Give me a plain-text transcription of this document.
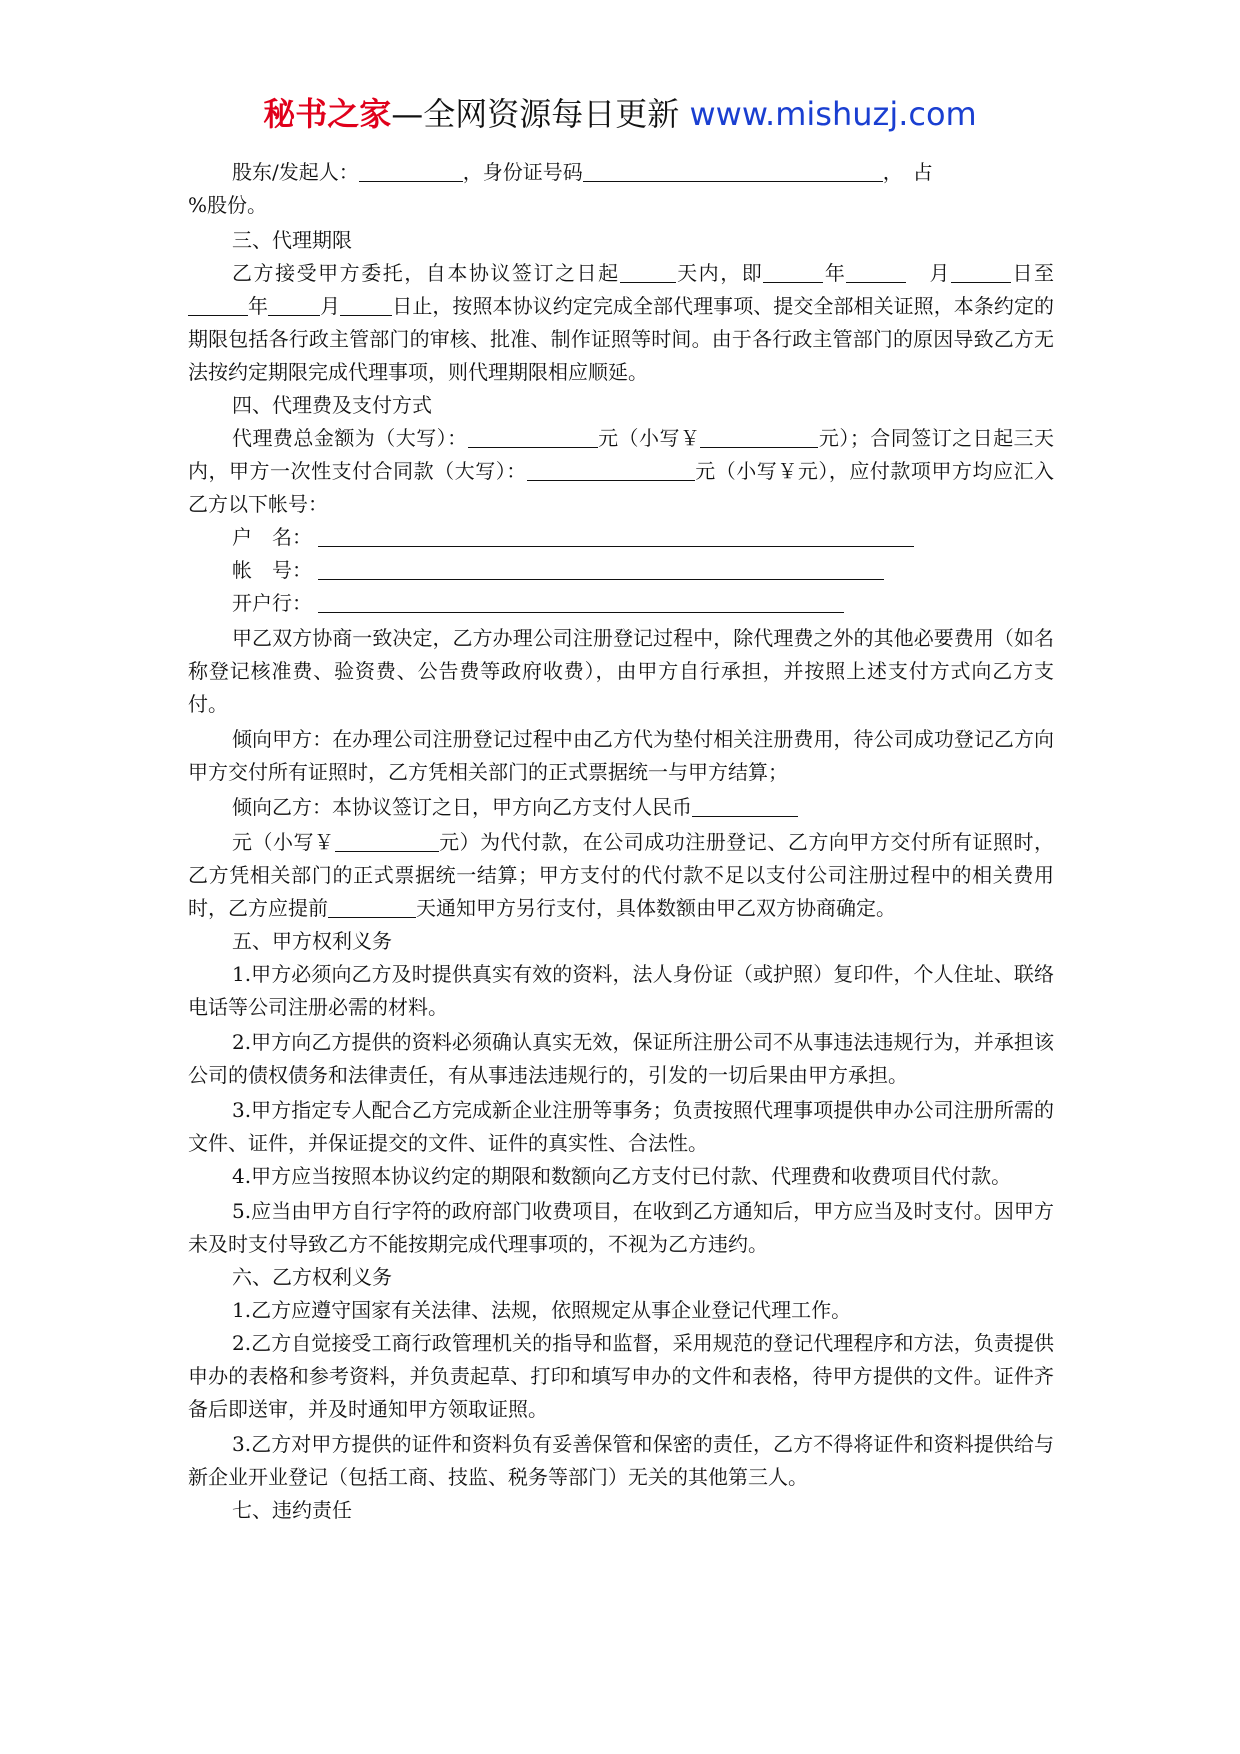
秘书之家—全网资源每日更新 www.mishuzj.com

股东/发起人：	，身份证号码	，　占
%股份。

三、代理期限

乙方接受甲方委托，自本协议签订之日起	天内，即	年　	月	日至年	月	日止，按照本协议约定完成全部代理事项、提交全部相关证照，本条约定的期限包括各行政主管部门的审核、批准、制作证照等时间。由于各行政主管部门的原因导致乙方无法按约定期限完成代理事项，则代理期限相应顺延。

四、代理费及支付方式

代理费总金额为（大写）：	元（小写￥	元）；合同签订之日起三天内，甲方一次性支付合同款（大写）：	元（小写￥元），应付款项甲方均应汇入乙方以下帐号：

户　名：

帐　号：

开户行：

甲乙双方协商一致决定，乙方办理公司注册登记过程中，除代理费之外的其他必要费用（如名称登记核准费、验资费、公告费等政府收费），由甲方自行承担，并按照上述支付方式向乙方支付。

倾向甲方：在办理公司注册登记过程中由乙方代为垫付相关注册费用，待公司成功登记乙方向甲方交付所有证照时，乙方凭相关部门的正式票据统一与甲方结算；

倾向乙方：本协议签订之日，甲方向乙方支付人民币

元（小写￥	元）为代付款，在公司成功注册登记、乙方向甲方交付所有证照时，乙方凭相关部门的正式票据统一结算；甲方支付的代付款不足以支付公司注册过程中的相关费用时，乙方应提前	天通知甲方另行支付，具体数额由甲乙双方协商确定。

五、甲方权利义务

1.甲方必须向乙方及时提供真实有效的资料，法人身份证（或护照）复印件，个人住址、联络电话等公司注册必需的材料。

2.甲方向乙方提供的资料必须确认真实无效，保证所注册公司不从事违法违规行为，并承担该公司的债权债务和法律责任，有从事违法违规行的，引发的一切后果由甲方承担。

3.甲方指定专人配合乙方完成新企业注册等事务；负责按照代理事项提供申办公司注册所需的文件、证件，并保证提交的文件、证件的真实性、合法性。

4.甲方应当按照本协议约定的期限和数额向乙方支付已付款、代理费和收费项目代付款。

5.应当由甲方自行字符的政府部门收费项目，在收到乙方通知后，甲方应当及时支付。因甲方未及时支付导致乙方不能按期完成代理事项的，不视为乙方违约。

六、乙方权利义务

1.乙方应遵守国家有关法律、法规，依照规定从事企业登记代理工作。

2.乙方自觉接受工商行政管理机关的指导和监督，采用规范的登记代理程序和方法，负责提供申办的表格和参考资料，并负责起草、打印和填写申办的文件和表格，待甲方提供的文件。证件齐备后即送审，并及时通知甲方领取证照。

3.乙方对甲方提供的证件和资料负有妥善保管和保密的责任，乙方不得将证件和资料提供给与新企业开业登记（包括工商、技监、税务等部门）无关的其他第三人。

七、违约责任
